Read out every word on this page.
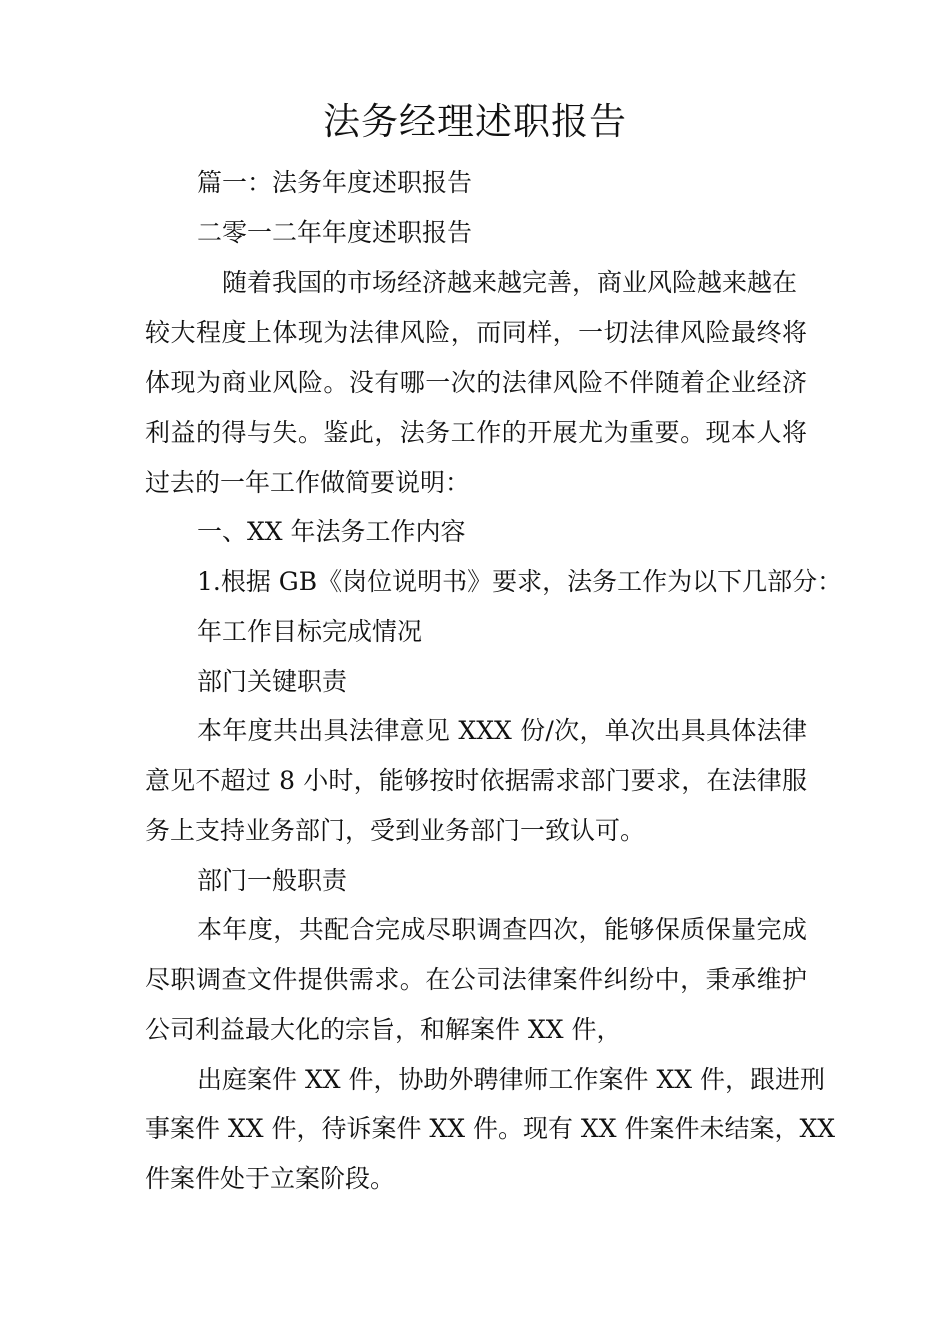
法务经理述职报告
篇一：法务年度述职报告
二零一二年年度述职报告
随着我国的市场经济越来越完善，商业风险越来越在
较大程度上体现为法律风险，而同样，一切法律风险最终将
体现为商业风险。没有哪一次的法律风险不伴随着企业经济
利益的得与失。鉴此，法务工作的开展尤为重要。现本人将
过去的一年工作做简要说明：
一、XX 年法务工作内容
1.根据 GB《岗位说明书》要求，法务工作为以下几部分：
年工作目标完成情况
部门关键职责
本年度共出具法律意见 XXX 份/次，单次出具具体法律
意见不超过 8 小时，能够按时依据需求部门要求，在法律服
务上支持业务部门，受到业务部门一致认可。
部门一般职责
本年度，共配合完成尽职调查四次，能够保质保量完成
尽职调查文件提供需求。在公司法律案件纠纷中，秉承维护
公司利益最大化的宗旨，和解案件 XX 件，
出庭案件 XX 件，协助外聘律师工作案件 XX 件，跟进刑
事案件 XX 件，待诉案件 XX 件。现有 XX 件案件未结案，XX
件案件处于立案阶段。
